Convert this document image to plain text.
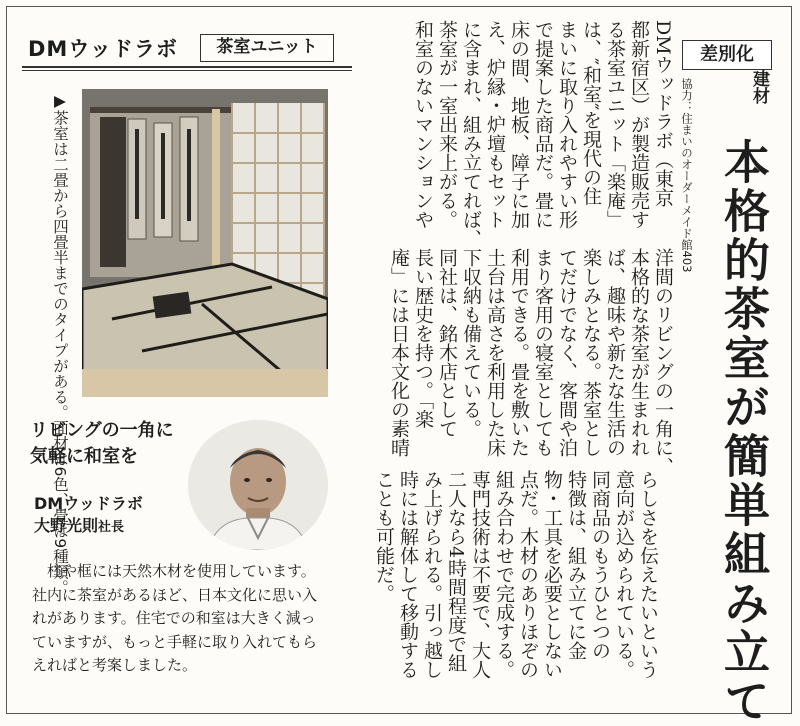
DMウッドラボ	茶室ユニット
▶茶室は二畳から四畳半までのタイプがある。面材は6色、畳は9種類。
リビングの一角に
気軽に和室を
DMウッドラボ
大野光則社長
柱や框には天然木材を使用しています。社内に茶室があるほど、日本文化に思い入れがあります。住宅での和室は大きく減っていますが、もっと手軽に取り入れてもらえればと考案しました。
差別化
建材
協力：住まいのオーダーメイド館403 本格的茶室が簡単組み立て
DMウッドラボ（東京
都新宿区）が製造販売す
る茶室ユニット「楽庵」
は、″和室″を現代の住
まいに取り入れやすい形
で提案した商品だ。畳に
床の間、地板、障子に加
え、炉縁・炉壇もセット
に含まれ、組み立てれば、
茶室が一室出来上がる。
和室のないマンションや
洋間のリビングの一角に、
本格的な茶室が生まれれ
ば、趣味や新たな生活の
楽しみとなる。茶室とし
てだけでなく、客間や泊
まり客用の寝室としても
利用できる。畳を敷いた
土台は高さを利用した床
下収納も備えている。
同社は、銘木店として
長い歴史を持つ。「楽
庵」には日本文化の素晴
らしさを伝えたいという
意向が込められている。
同商品のもうひとつの
特徴は、組み立てに金
物・工具を必要としない
点だ。木材のありほぞの
組み合わせで完成する。
専門技術は不要で、大人
二人なら4時間程度で組
み上げられる。引っ越し
時には解体して移動する
ことも可能だ。
